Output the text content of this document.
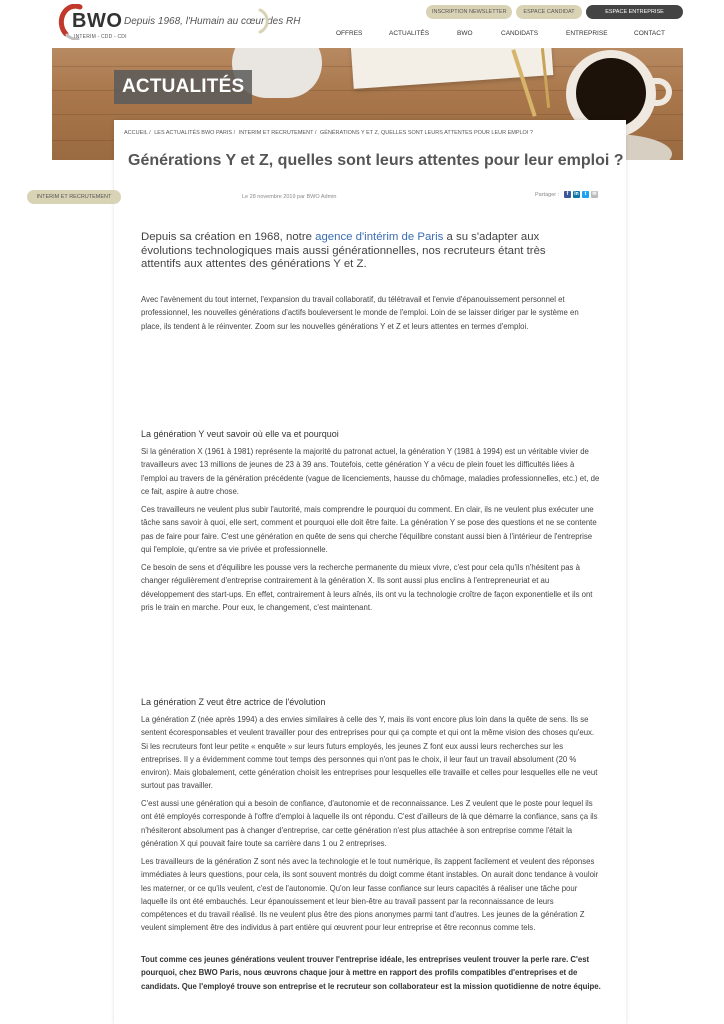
BWO
INTERIM - CDD - CDI
Depuis 1968, l'Humain au cœur des RH
INSCRIPTION NEWSLETTER	ESPACE CANDIDAT	ESPACE ENTREPRISE
OFFRES	ACTUALITÉS	BWO	CANDIDATS	ENTREPRISE	CONTACT
ACTUALITÉS
ACCUEIL / LES ACTUALITÉS BWO PARIS / INTERIM ET RECRUTEMENT / GÉNÉRATIONS Y ET Z, QUELLES SONT LEURS ATTENTES POUR LEUR EMPLOI ?
Générations Y et Z, quelles sont leurs attentes pour leur emploi ?
INTERIM ET RECRUTEMENT	Le 28 novembre 2019 par BWO Admin	Partager :	f	in	t	✉

Depuis sa création en 1968, notre agence d'intérim de Paris a su s'adapter aux évolutions technologiques mais aussi générationnelles, nos recruteurs étant très attentifs aux attentes des générations Y et Z.

Avec l'avènement du tout internet, l'expansion du travail collaboratif, du télétravail et l'envie d'épanouissement personnel et professionnel, les nouvelles générations d'actifs bouleversent le monde de l'emploi. Loin de se laisser diriger par le système en place, ils tendent à le réinventer. Zoom sur les nouvelles générations Y et Z et leurs attentes en termes d'emploi.

La génération Y veut savoir où elle va et pourquoi

Si la génération X (1961 à 1981) représente la majorité du patronat actuel, la génération Y (1981 à 1994) est un véritable vivier de travailleurs avec 13 millions de jeunes de 23 à 39 ans. Toutefois, cette génération Y a vécu de plein fouet les difficultés liées à l'emploi au travers de la génération précédente (vague de licenciements, hausse du chômage, maladies professionnelles, etc.) et, de ce fait, aspire à autre chose.

Ces travailleurs ne veulent plus subir l'autorité, mais comprendre le pourquoi du comment. En clair, ils ne veulent plus exécuter une tâche sans savoir à quoi, elle sert, comment et pourquoi elle doit être faite. La génération Y se pose des questions et ne se contente pas de faire pour faire. C'est une génération en quête de sens qui cherche l'équilibre constant aussi bien à l'intérieur de l'entreprise qui l'emploie, qu'entre sa vie privée et professionnelle.

Ce besoin de sens et d'équilibre les pousse vers la recherche permanente du mieux vivre, c'est pour cela qu'ils n'hésitent pas à changer régulièrement d'entreprise contrairement à la génération X. Ils sont aussi plus enclins à l'entrepreneuriat et au développement des start-ups. En effet, contrairement à leurs aînés, ils ont vu la technologie croître de façon exponentielle et ils ont pris le train en marche. Pour eux, le changement, c'est maintenant.

La génération Z veut être actrice de l'évolution

La génération Z (née après 1994) a des envies similaires à celle des Y, mais ils vont encore plus loin dans la quête de sens. Ils se sentent écoresponsables et veulent travailler pour des entreprises pour qui ça compte et qui ont la même vision des choses qu'eux. Si les recruteurs font leur petite « enquête » sur leurs futurs employés, les jeunes Z font eux aussi leurs recherches sur les entreprises. Il y a évidemment comme tout temps des personnes qui n'ont pas le choix, il leur faut un travail absolument (20 % environ). Mais globalement, cette génération choisit les entreprises pour lesquelles elle travaille et celles pour lesquelles elle ne veut surtout pas travailler.

C'est aussi une génération qui a besoin de confiance, d'autonomie et de reconnaissance. Les Z veulent que le poste pour lequel ils ont été employés corresponde à l'offre d'emploi à laquelle ils ont répondu. C'est d'ailleurs de là que démarre la confiance, sans ça ils n'hésiteront absolument pas à changer d'entreprise, car cette génération n'est plus attachée à son entreprise comme l'était la génération X qui pouvait faire toute sa carrière dans 1 ou 2 entreprises.

Les travailleurs de la génération Z sont nés avec la technologie et le tout numérique, ils zappent facilement et veulent des réponses immédiates à leurs questions, pour cela, ils sont souvent montrés du doigt comme étant instables. On aurait donc tendance à vouloir les materner, or ce qu'ils veulent, c'est de l'autonomie. Qu'on leur fasse confiance sur leurs capacités à réaliser une tâche pour laquelle ils ont été embauchés. Leur épanouissement et leur bien-être au travail passent par la reconnaissance de leurs compétences et du travail réalisé. Ils ne veulent plus être des pions anonymes parmi tant d'autres. Les jeunes de la génération Z veulent simplement être des individus à part entière qui œuvrent pour leur entreprise et être reconnus comme tels.

Tout comme ces jeunes générations veulent trouver l'entreprise idéale, les entreprises veulent trouver la perle rare. C'est pourquoi, chez BWO Paris, nous œuvrons chaque jour à mettre en rapport des profils compatibles d'entreprises et de candidats. Que l'employé trouve son entreprise et le recruteur son collaborateur est la mission quotidienne de notre équipe.
